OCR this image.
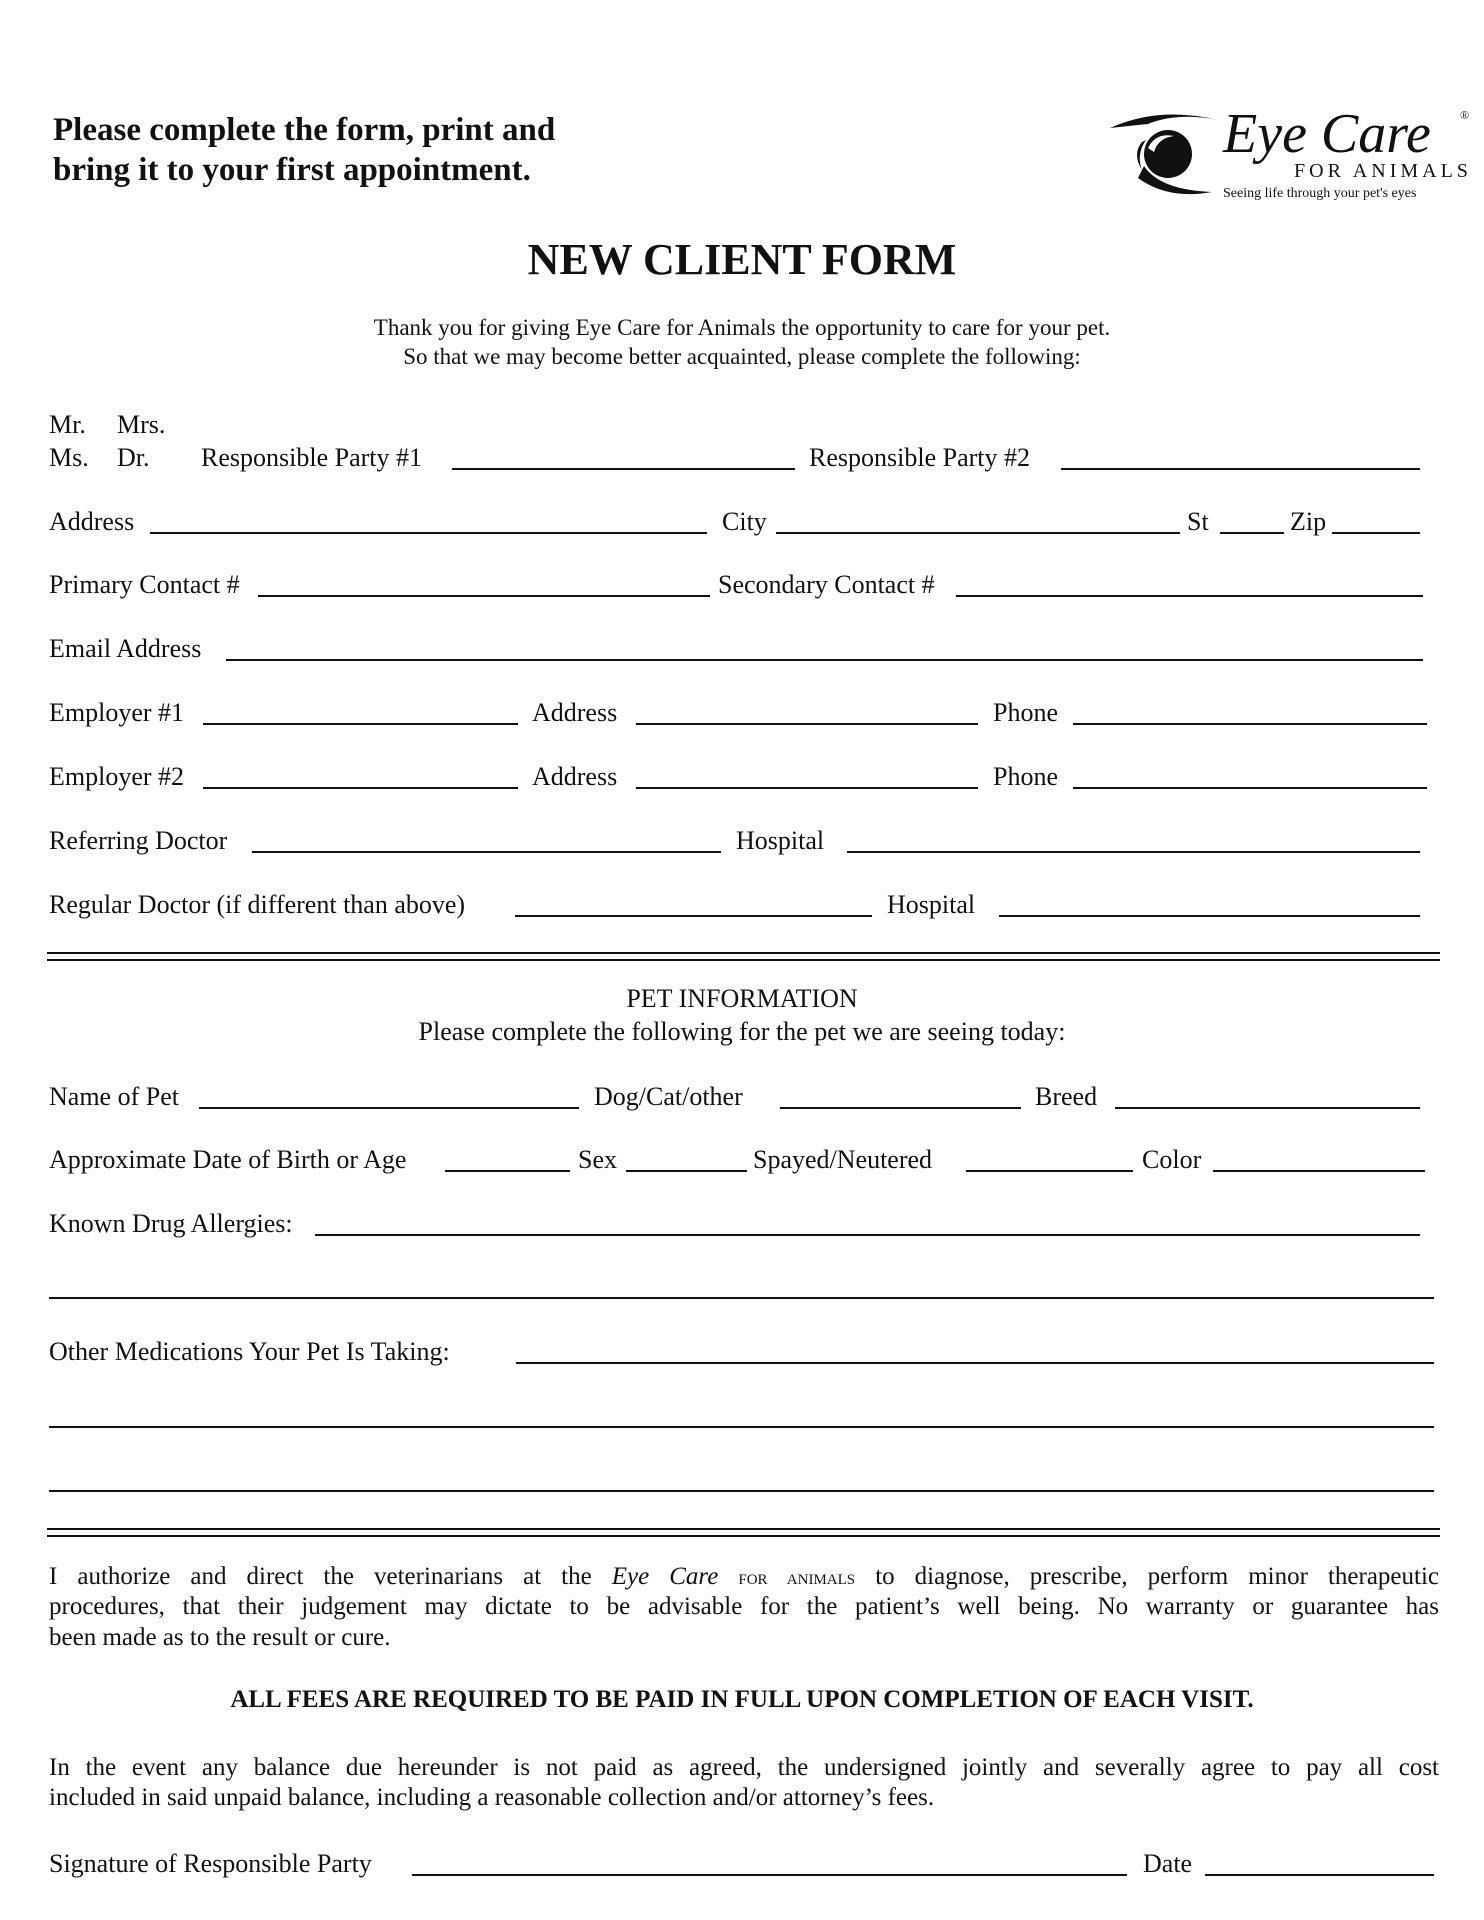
Please complete the form, print and
bring it to your first appointment.
Eye Care ®
FOR ANIMALS
Seeing life through your pet's eyes
NEW CLIENT FORM
Thank you for giving Eye Care for Animals the opportunity to care for your pet.
So that we may become better acquainted, please complete the following:
Mr. Mrs.
Ms. Dr. Responsible Party #1	Responsible Party #2
Address	City	St	Zip
Primary Contact #	Secondary Contact #
Email Address
Employer #1	Address	Phone
Employer #2	Address	Phone
Referring Doctor	Hospital
Regular Doctor (if different than above)	Hospital
PET INFORMATION
Please complete the following for the pet we are seeing today:
Name of Pet	Dog/Cat/other	Breed
Approximate Date of Birth or Age	Sex	Spayed/Neutered	Color
Known Drug Allergies:
Other Medications Your Pet Is Taking:
I authorize and direct the veterinarians at the Eye Care for animals to diagnose, prescribe, perform minor therapeutic
procedures, that their judgement may dictate to be advisable for the patient’s well being. No warranty or guarantee has
been made as to the result or cure.
ALL FEES ARE REQUIRED TO BE PAID IN FULL UPON COMPLETION OF EACH VISIT.
In the event any balance due hereunder is not paid as agreed, the undersigned jointly and severally agree to pay all cost
included in said unpaid balance, including a reasonable collection and/or attorney’s fees.
Signature of Responsible Party	Date
